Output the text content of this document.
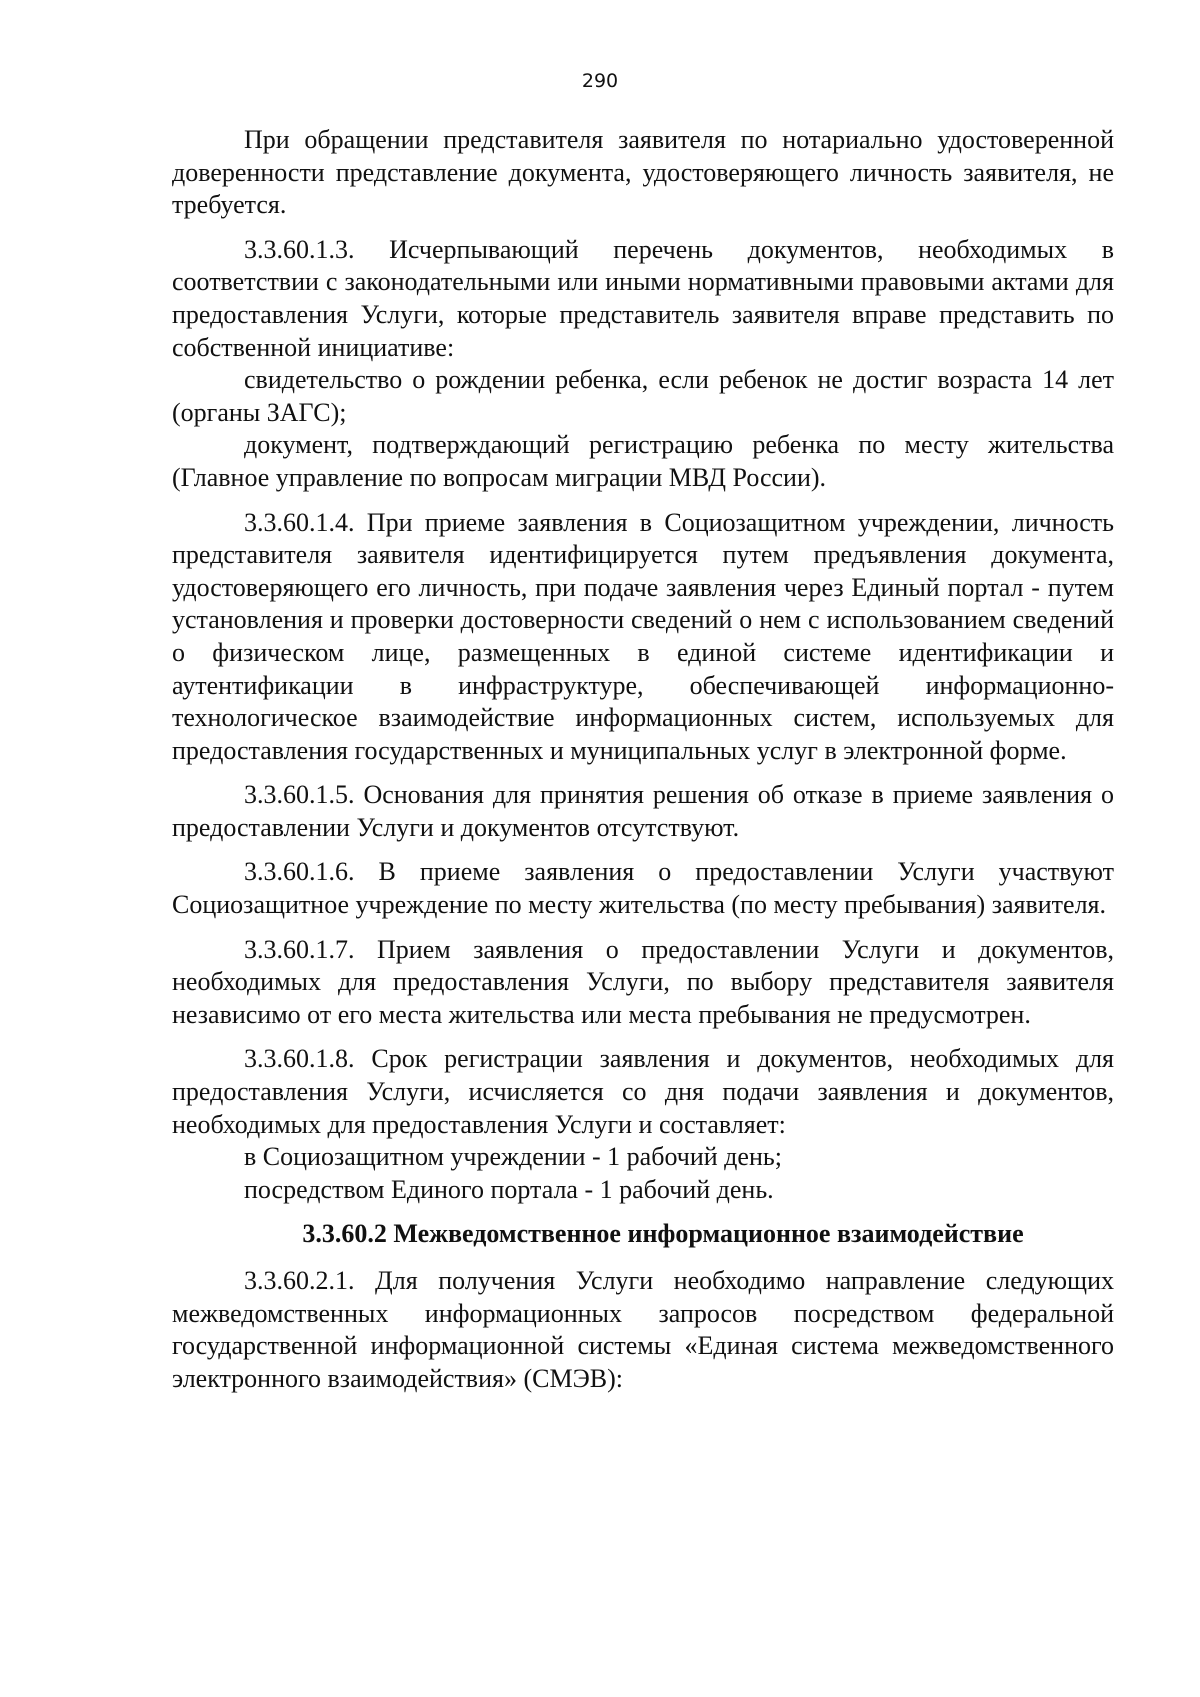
290

При обращении представителя заявителя по нотариально удостоверенной доверенности представление документа, удостоверяющего личность заявителя, не требуется.

3.3.60.1.3. Исчерпывающий перечень документов, необходимых в соответствии с законодательными или иными нормативными правовыми актами для предоставления Услуги, которые представитель заявителя вправе представить по собственной инициативе:

свидетельство о рождении ребенка, если ребенок не достиг возраста 14 лет (органы ЗАГС);

документ, подтверждающий регистрацию ребенка по месту жительства (Главное управление по вопросам миграции МВД России).

3.3.60.1.4. При приеме заявления в Социозащитном учреждении, личность представителя заявителя идентифицируется путем предъявления документа, удостоверяющего его личность, при подаче заявления через Единый портал - путем установления и проверки достоверности сведений о нем с использованием сведений о физическом лице, размещенных в единой системе идентификации и аутентификации в инфраструктуре, обеспечивающей информационно-технологическое взаимодействие информационных систем, используемых для предоставления государственных и муниципальных услуг в электронной форме.

3.3.60.1.5. Основания для принятия решения об отказе в приеме заявления о предоставлении Услуги и документов отсутствуют.

3.3.60.1.6. В приеме заявления о предоставлении Услуги участвуют Социозащитное учреждение по месту жительства (по месту пребывания) заявителя.

3.3.60.1.7. Прием заявления о предоставлении Услуги и документов, необходимых для предоставления Услуги, по выбору представителя заявителя независимо от его места жительства или места пребывания не предусмотрен.

3.3.60.1.8. Срок регистрации заявления и документов, необходимых для предоставления Услуги, исчисляется со дня подачи заявления и документов, необходимых для предоставления Услуги и составляет:

в Социозащитном учреждении - 1 рабочий день;

посредством Единого портала - 1 рабочий день.

3.3.60.2 Межведомственное информационное взаимодействие

3.3.60.2.1. Для получения Услуги необходимо направление следующих межведомственных информационных запросов посредством федеральной государственной информационной системы «Единая система межведомственного электронного взаимодействия» (СМЭВ):
